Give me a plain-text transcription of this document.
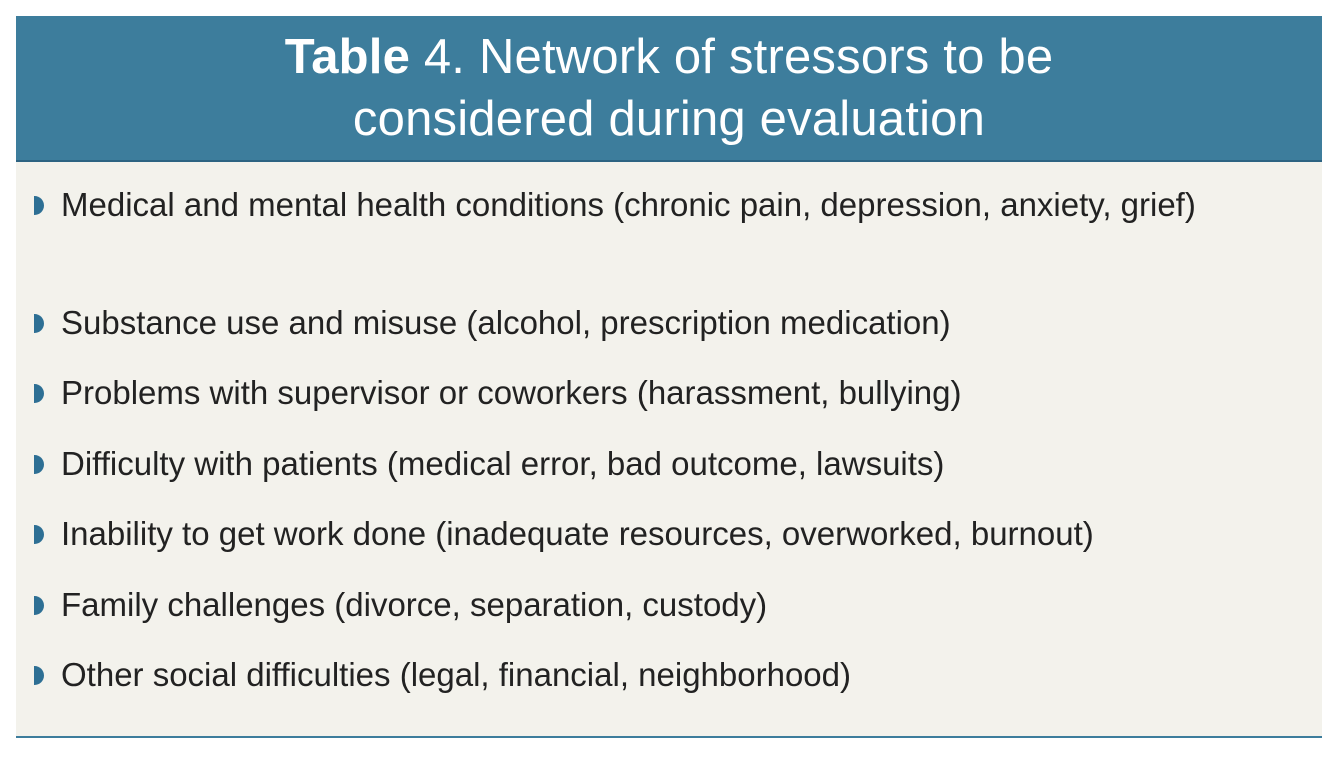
Table 4. Network of stressors to be
considered during evaluation
Medical and mental health conditions (chronic pain, depression, anxiety, grief)
Substance use and misuse (alcohol, prescription medication)
Problems with supervisor or coworkers (harassment, bullying)
Difficulty with patients (medical error, bad outcome, lawsuits)
Inability to get work done (inadequate resources, overworked, burnout)
Family challenges (divorce, separation, custody)
Other social difficulties (legal, financial, neighborhood)
